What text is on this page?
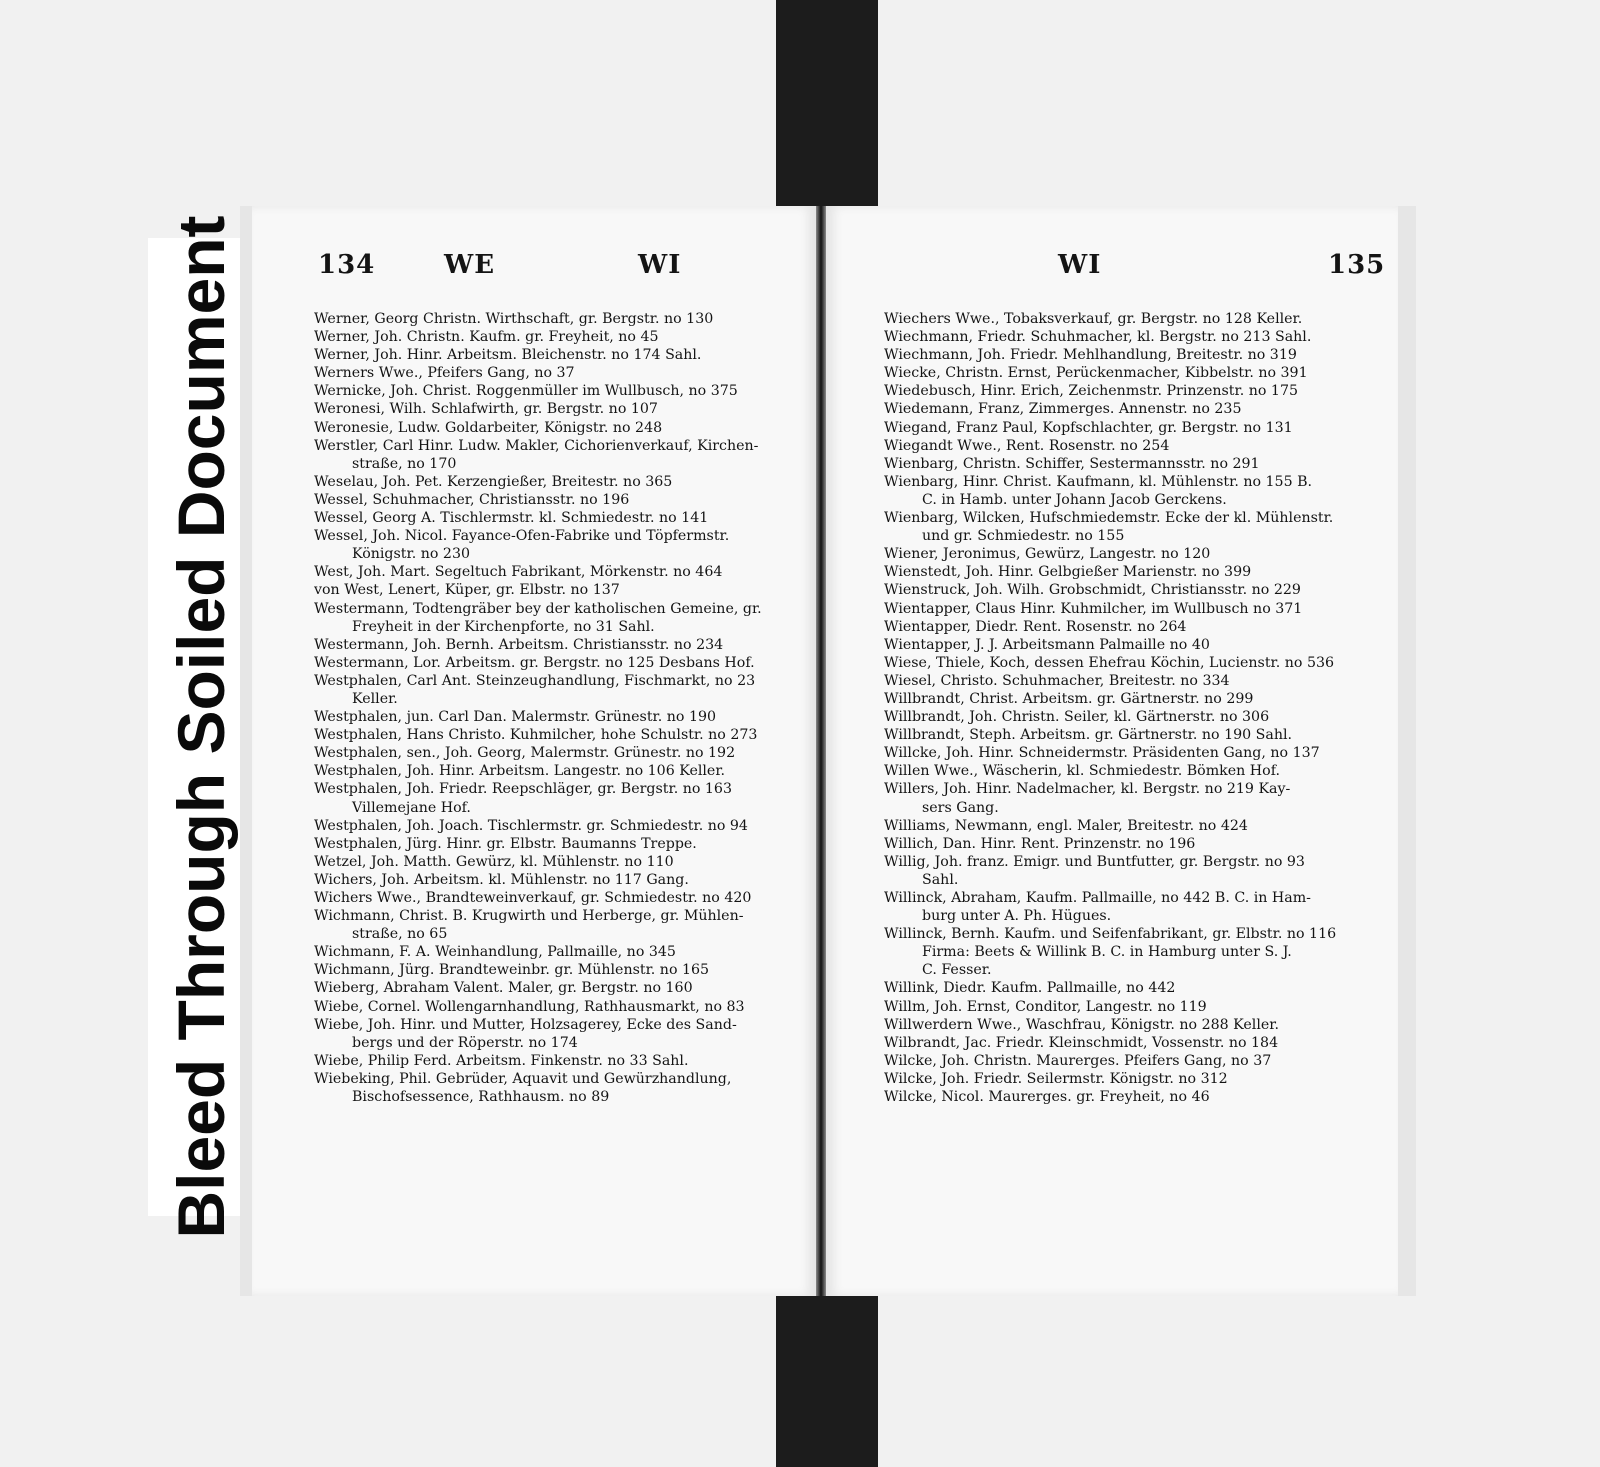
Bleed Through Soiled Document	134	WE	WI
Werner, Georg Christn. Wirthschaft, gr. Bergstr. no 130
Werner, Joh. Christn. Kaufm. gr. Freyheit, no 45
Werner, Joh. Hinr. Arbeitsm. Bleichenstr. no 174 Sahl.
Werners Wwe., Pfeifers Gang, no 37
Wernicke, Joh. Christ. Roggenmüller im Wullbusch, no 375
Weronesi, Wilh. Schlafwirth, gr. Bergstr. no 107
Weronesie, Ludw. Goldarbeiter, Königstr. no 248
Werstler, Carl Hinr. Ludw. Makler, Cichorienverkauf, Kirchen-
straße, no 170
Weselau, Joh. Pet. Kerzengießer, Breitestr. no 365
Wessel, Schuhmacher, Christiansstr. no 196
Wessel, Georg A. Tischlermstr. kl. Schmiedestr. no 141
Wessel, Joh. Nicol. Fayance-Ofen-Fabrike und Töpfermstr.
Königstr. no 230
West, Joh. Mart. Segeltuch Fabrikant, Mörkenstr. no 464
von West, Lenert, Küper, gr. Elbstr. no 137
Westermann, Todtengräber bey der katholischen Gemeine, gr.
Freyheit in der Kirchenpforte, no 31 Sahl.
Westermann, Joh. Bernh. Arbeitsm. Christiansstr. no 234
Westermann, Lor. Arbeitsm. gr. Bergstr. no 125 Desbans Hof.
Westphalen, Carl Ant. Steinzeughandlung, Fischmarkt, no 23
Keller.
Westphalen, jun. Carl Dan. Malermstr. Grünestr. no 190
Westphalen, Hans Christo. Kuhmilcher, hohe Schulstr. no 273
Westphalen, sen., Joh. Georg, Malermstr. Grünestr. no 192
Westphalen, Joh. Hinr. Arbeitsm. Langestr. no 106 Keller.
Westphalen, Joh. Friedr. Reepschläger, gr. Bergstr. no 163
Villemejane Hof.
Westphalen, Joh. Joach. Tischlermstr. gr. Schmiedestr. no 94
Westphalen, Jürg. Hinr. gr. Elbstr. Baumanns Treppe.
Wetzel, Joh. Matth. Gewürz, kl. Mühlenstr. no 110
Wichers, Joh. Arbeitsm. kl. Mühlenstr. no 117 Gang.
Wichers Wwe., Brandteweinverkauf, gr. Schmiedestr. no 420
Wichmann, Christ. B. Krugwirth und Herberge, gr. Mühlen-
straße, no 65
Wichmann, F. A. Weinhandlung, Pallmaille, no 345
Wichmann, Jürg. Brandteweinbr. gr. Mühlenstr. no 165
Wieberg, Abraham Valent. Maler, gr. Bergstr. no 160
Wiebe, Cornel. Wollengarnhandlung, Rathhausmarkt, no 83
Wiebe, Joh. Hinr. und Mutter, Holzsagerey, Ecke des Sand-
bergs und der Röperstr. no 174
Wiebe, Philip Ferd. Arbeitsm. Finkenstr. no 33 Sahl.
Wiebeking, Phil. Gebrüder, Aquavit und Gewürzhandlung,
Bischofsessence, Rathhausm. no 89
WI	135
Wiechers Wwe., Tobaksverkauf, gr. Bergstr. no 128 Keller.
Wiechmann, Friedr. Schuhmacher, kl. Bergstr. no 213 Sahl.
Wiechmann, Joh. Friedr. Mehlhandlung, Breitestr. no 319
Wiecke, Christn. Ernst, Perückenmacher, Kibbelstr. no 391
Wiedebusch, Hinr. Erich, Zeichenmstr. Prinzenstr. no 175
Wiedemann, Franz, Zimmerges. Annenstr. no 235
Wiegand, Franz Paul, Kopfschlachter, gr. Bergstr. no 131
Wiegandt Wwe., Rent. Rosenstr. no 254
Wienbarg, Christn. Schiffer, Sestermannsstr. no 291
Wienbarg, Hinr. Christ. Kaufmann, kl. Mühlenstr. no 155 B.
C. in Hamb. unter Johann Jacob Gerckens.
Wienbarg, Wilcken, Hufschmiedemstr. Ecke der kl. Mühlenstr.
und gr. Schmiedestr. no 155
Wiener, Jeronimus, Gewürz, Langestr. no 120
Wienstedt, Joh. Hinr. Gelbgießer Marienstr. no 399
Wienstruck, Joh. Wilh. Grobschmidt, Christiansstr. no 229
Wientapper, Claus Hinr. Kuhmilcher, im Wullbusch no 371
Wientapper, Diedr. Rent. Rosenstr. no 264
Wientapper, J. J. Arbeitsmann Palmaille no 40
Wiese, Thiele, Koch, dessen Ehefrau Köchin, Lucienstr. no 536
Wiesel, Christo. Schuhmacher, Breitestr. no 334
Willbrandt, Christ. Arbeitsm. gr. Gärtnerstr. no 299
Willbrandt, Joh. Christn. Seiler, kl. Gärtnerstr. no 306
Willbrandt, Steph. Arbeitsm. gr. Gärtnerstr. no 190 Sahl.
Willcke, Joh. Hinr. Schneidermstr. Präsidenten Gang, no 137
Willen Wwe., Wäscherin, kl. Schmiedestr. Bömken Hof.
Willers, Joh. Hinr. Nadelmacher, kl. Bergstr. no 219 Kay-
sers Gang.
Williams, Newmann, engl. Maler, Breitestr. no 424
Willich, Dan. Hinr. Rent. Prinzenstr. no 196
Willig, Joh. franz. Emigr. und Buntfutter, gr. Bergstr. no 93
Sahl.
Willinck, Abraham, Kaufm. Pallmaille, no 442 B. C. in Ham-
burg unter A. Ph. Hügues.
Willinck, Bernh. Kaufm. und Seifenfabrikant, gr. Elbstr. no 116
Firma: Beets & Willink B. C. in Hamburg unter S. J.
C. Fesser.
Willink, Diedr. Kaufm. Pallmaille, no 442
Willm, Joh. Ernst, Conditor, Langestr. no 119
Willwerdern Wwe., Waschfrau, Königstr. no 288 Keller.
Wilbrandt, Jac. Friedr. Kleinschmidt, Vossenstr. no 184
Wilcke, Joh. Christn. Maurerges. Pfeifers Gang, no 37
Wilcke, Joh. Friedr. Seilermstr. Königstr. no 312
Wilcke, Nicol. Maurerges. gr. Freyheit, no 46
